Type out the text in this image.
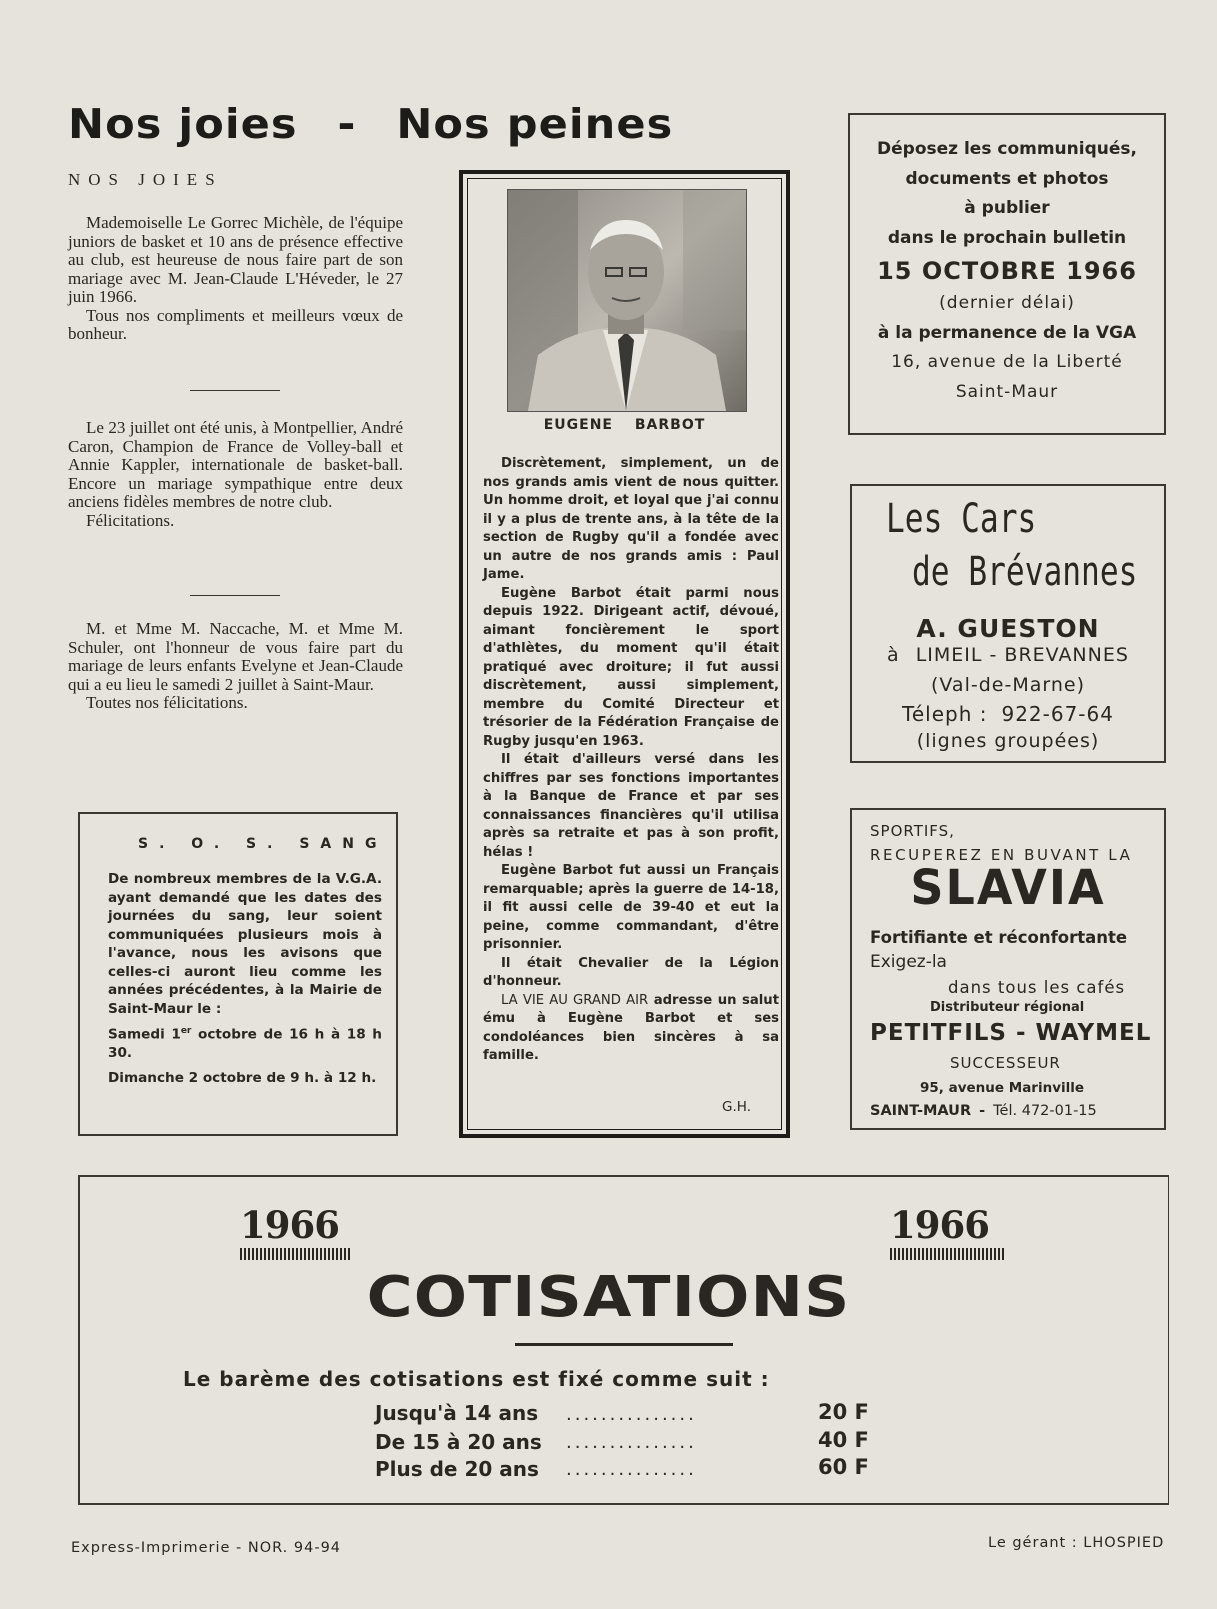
Nos joies - Nos peines
NOS JOIES
Mademoiselle Le Gorrec Michèle, de l'équipe juniors de basket et 10 ans de présence effective au club, est heureuse de nous faire part de son mariage avec M. Jean-Claude L'Héveder, le 27 juin 1966.
Tous nos compliments et meilleurs vœux de bonheur.
Le 23 juillet ont été unis, à Montpellier, André Caron, Champion de France de Volley-ball et Annie Kappler, internationale de basket-ball. Encore un mariage sympathique entre deux anciens fidèles membres de notre club.
Félicitations.
M. et Mme M. Naccache, M. et Mme M. Schuler, ont l'honneur de vous faire part du mariage de leurs enfants Evelyne et Jean-Claude qui a eu lieu le samedi 2 juillet à Saint-Maur.
Toutes nos félicitations.
S. O. S. SANG

De nombreux membres de la V.G.A. ayant demandé que les dates des journées du sang, leur soient communiquées plusieurs mois à l'avance, nous les avisons que celles-ci auront lieu comme les années précédentes, à la Mairie de Saint-Maur le :

Samedi 1er octobre de 16 h à 18 h 30.

Dimanche 2 octobre de 9 h. à 12 h.

EUGENE BARBOT
Discrètement, simplement, un de nos grands amis vient de nous quitter. Un homme droit, et loyal que j'ai connu il y a plus de trente ans, à la tête de la section de Rugby qu'il a fondée avec un autre de nos grands amis : Paul Jame.
Eugène Barbot était parmi nous depuis 1922. Dirigeant actif, dévoué, aimant foncièrement le sport d'athlètes, du moment qu'il était pratiqué avec droiture; il fut aussi discrètement, aussi simplement, membre du Comité Directeur et trésorier de la Fédération Française de Rugby jusqu'en 1963.
Il était d'ailleurs versé dans les chiffres par ses fonctions importantes à la Banque de France et par ses connaissances financières qu'il utilisa après sa retraite et pas à son profit, hélas !
Eugène Barbot fut aussi un Français remarquable; après la guerre de 14-18, il fit aussi celle de 39-40 et eut la peine, comme commandant, d'être prisonnier.
Il était Chevalier de la Légion d'honneur.
LA VIE AU GRAND AIR adresse un salut ému à Eugène Barbot et ses condoléances bien sincères à sa famille.
G.H.
Déposez les communiqués,
documents et photos
à publier
dans le prochain bulletin
15 OCTOBRE 1966
(dernier délai)
à la permanence de la VGA
16, avenue de la Liberté
Saint-Maur
Les Cars
de Brévannes
A. GUESTON
à LIMEIL - BREVANNES
(Val-de-Marne)
Téleph : 922-67-64
(lignes groupées)
SPORTIFS,
RECUPEREZ EN BUVANT LA
SLAVIA
Fortifiante et réconfortante
Exigez-la
dans tous les cafés
Distributeur régional
PETITFILS - WAYMEL
SUCCESSEUR
95, avenue Marinville
SAINT-MAUR - Tél. 472-01-15
1966	1966
COTISATIONS
Le barème des cotisations est fixé comme suit :

Jusqu'à 14 ans	20 F
De 15 à 20 ans	40 F
Plus de 20 ans	60 F
...............
...............
...............
Express-Imprimerie - NOR. 94-94	Le gérant : LHOSPIED
